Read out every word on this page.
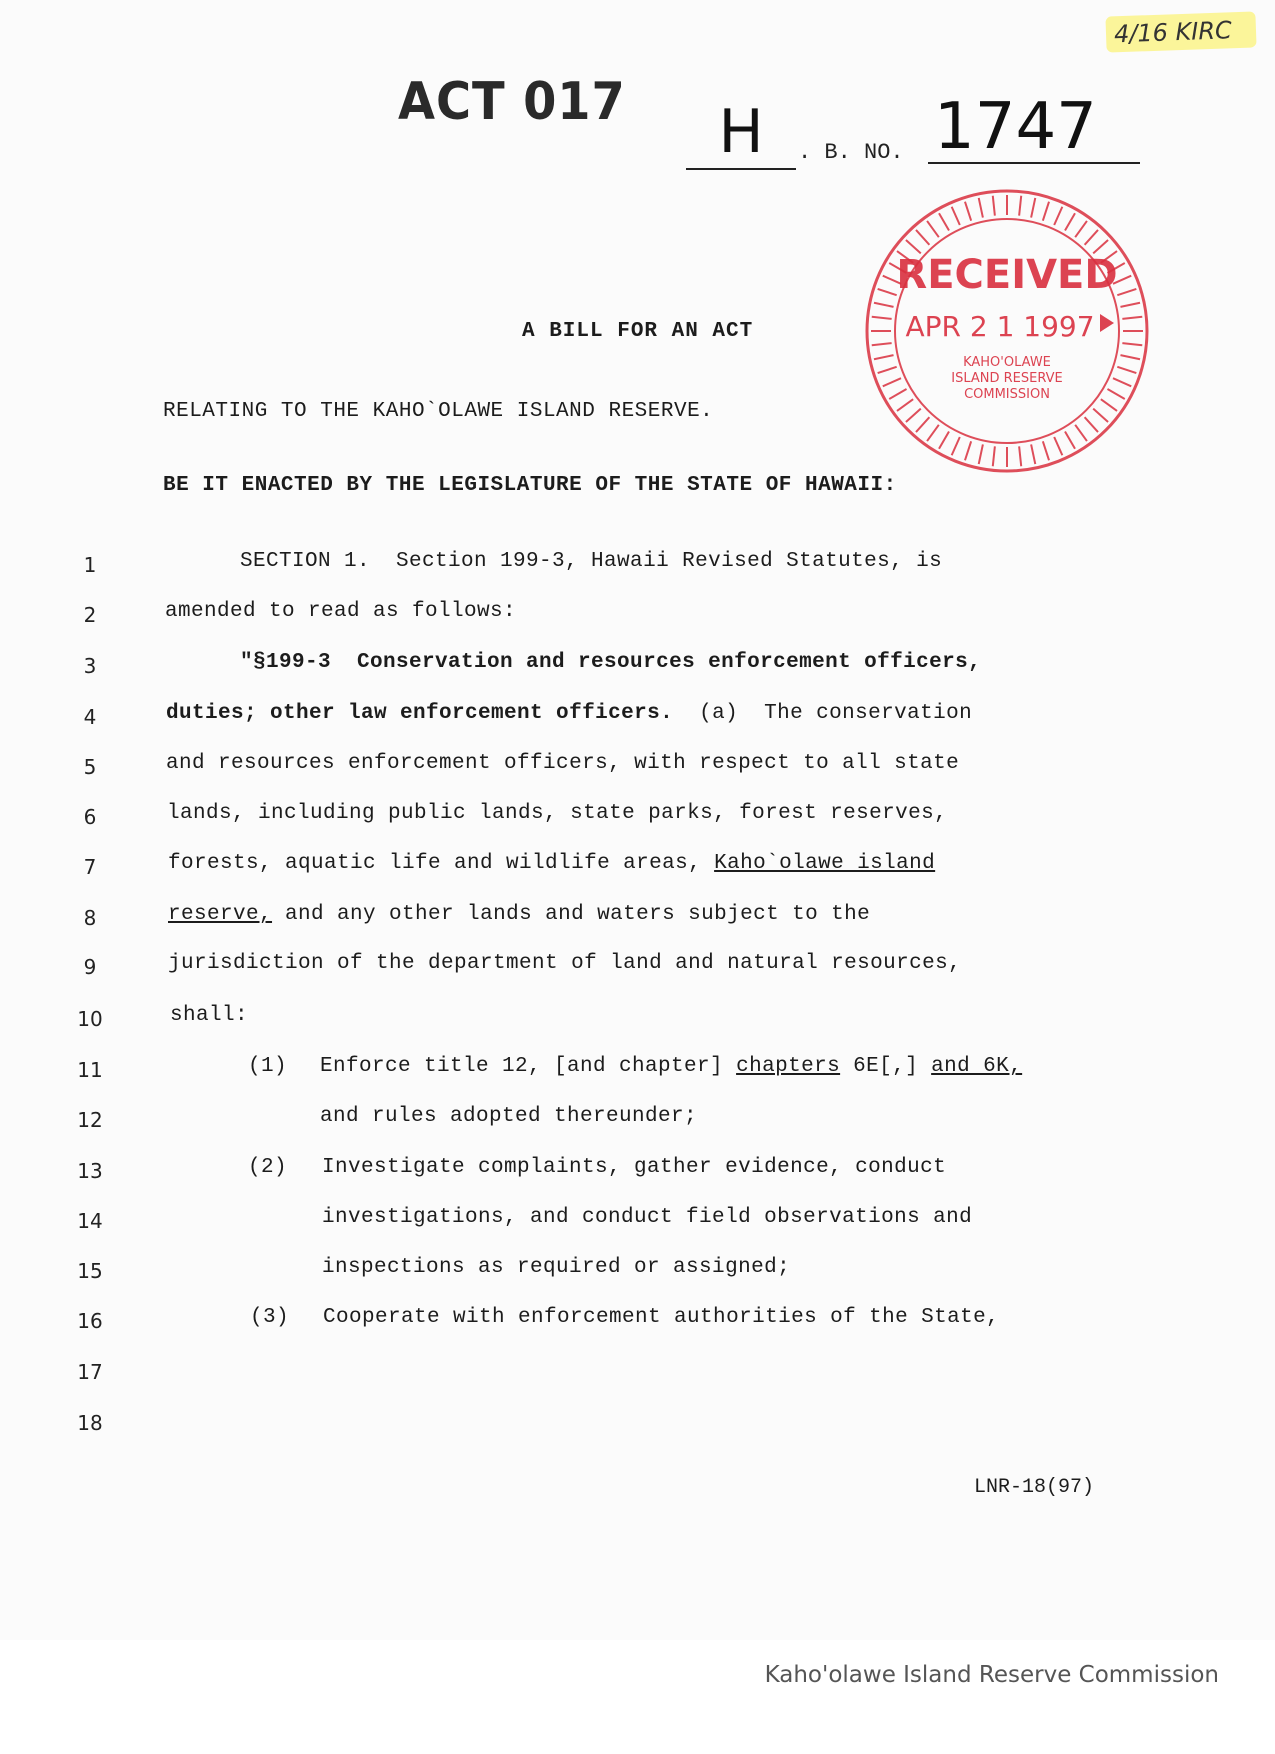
4/16 KIRC
ACT 017	H	. B. NO. 1747
RECEIVED
APR 2 1 1997
KAHO'OLAWE
ISLAND RESERVE
COMMISSION
A BILL FOR AN ACT
RELATING TO THE KAHO`OLAWE ISLAND RESERVE.
BE IT ENACTED BY THE LEGISLATURE OF THE STATE OF HAWAII:
1
2
3
4
5
6
7
8
9
10
11
12
13
14
15
16
17
18
SECTION 1.  Section 199-3, Hawaii Revised Statutes, is
amended to read as follows:
"§199-3  Conservation and resources enforcement officers,
duties; other law enforcement officers.  (a)  The conservation
and resources enforcement officers, with respect to all state
lands, including public lands, state parks, forest reserves,
forests, aquatic life and wildlife areas, Kaho`olawe island
reserve, and any other lands and waters subject to the
jurisdiction of the department of land and natural resources,
shall:
(1) Enforce title 12, [and chapter] chapters 6E[,] and 6K,
and rules adopted thereunder;
(2) Investigate complaints, gather evidence, conduct
investigations, and conduct field observations and
inspections as required or assigned;
(3) Cooperate with enforcement authorities of the State,
LNR-18(97)
Kaho'olawe Island Reserve Commission
